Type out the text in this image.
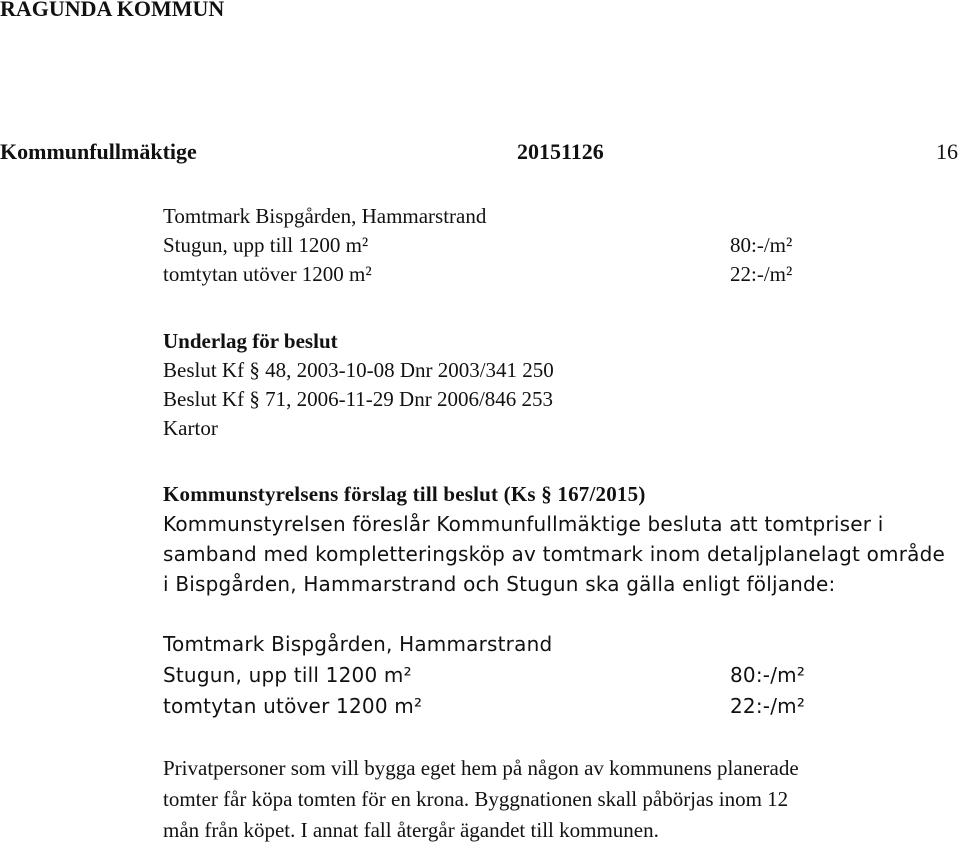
RAGUNDA KOMMUN
Kommunfullmäktige	20151126	16
Tomtmark Bispgården, Hammarstrand
Stugun, upp till 1200 m²	80:-/m²
tomtytan utöver 1200 m²	22:-/m²
Underlag för beslut
Beslut Kf § 48, 2003-10-08 Dnr 2003/341 250
Beslut Kf § 71, 2006-11-29 Dnr 2006/846 253
Kartor
Kommunstyrelsens förslag till beslut (Ks § 167/2015)
Kommunstyrelsen föreslår Kommunfullmäktige besluta att tomtpriser i
samband med kompletteringsköp av tomtmark inom detaljplanelagt område
i Bispgården, Hammarstrand och Stugun ska gälla enligt följande:
Tomtmark Bispgården, Hammarstrand
Stugun, upp till 1200 m²	80:-/m²
tomtytan utöver 1200 m²	22:-/m²
Privatpersoner som vill bygga eget hem på någon av kommunens planerade
tomter får köpa tomten för en krona. Byggnationen skall påbörjas inom 12
mån från köpet. I annat fall återgår ägandet till kommunen.
